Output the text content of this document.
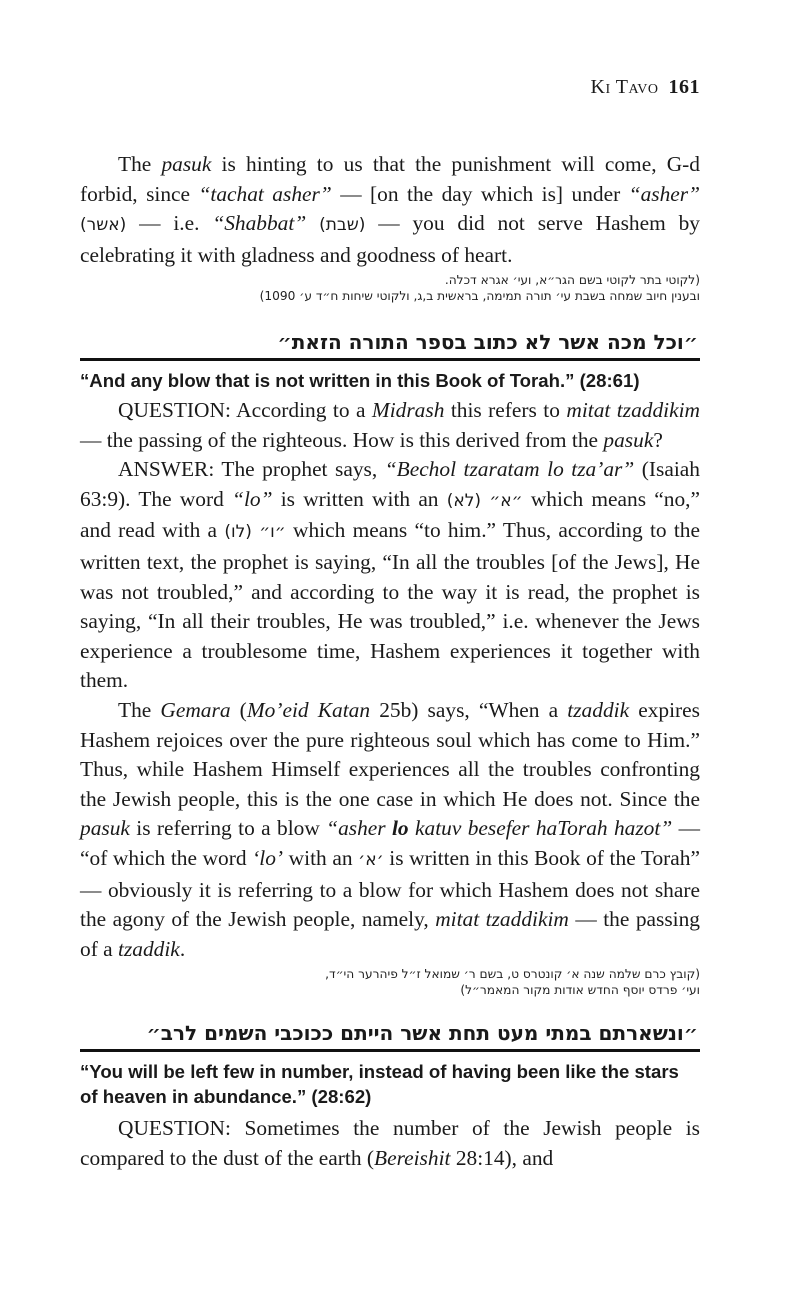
Ki Tavo 161

The pasuk is hinting to us that the punishment will come, G-d forbid, since “tachat asher” — [on the day which is] under “asher” (אשר) — i.e. “Shabbat” (שבת) — you did not serve Hashem by celebrating it with gladness and goodness of heart.

(לקוטי בתר לקוטי בשם הגר״א, ועי׳ אגרא דכלה.

ובענין חיוב שמחה בשבת עי׳ תורה תמימה, בראשית ב,ג, ולקוטי שיחות ח״ד ע׳ 1090)

״וכל מכה אשר לא כתוב בספר התורה הזאת״

“And any blow that is not written in this Book of Torah.” (28:61)

QUESTION: According to a Midrash this refers to mitat tzaddikim — the passing of the righteous. How is this derived from the pasuk?

ANSWER: The prophet says, “Bechol tzaratam lo tza’ar” (Isaiah 63:9). The word “lo” is written with an ״א״ (לא) which means “no,” and read with a ״ו״ (לו) which means “to him.” Thus, according to the written text, the prophet is saying, “In all the troubles [of the Jews], He was not troubled,” and according to the way it is read, the prophet is saying, “In all their troubles, He was troubled,” i.e. whenever the Jews experience a troublesome time, Hashem experiences it together with them.

The Gemara (Mo’eid Katan 25b) says, “When a tzaddik expires Hashem rejoices over the pure righteous soul which has come to Him.” Thus, while Hashem Himself experiences all the troubles confronting the Jewish people, this is the one case in which He does not. Since the pasuk is referring to a blow “asher lo katuv besefer haTorah hazot” — “of which the word ‘lo’ with an ׳א׳ is written in this Book of the Torah” — obviously it is referring to a blow for which Hashem does not share the agony of the Jewish people, namely, mitat tzaddikim — the passing of a tzaddik.

(קובץ כרם שלמה שנה א׳ קונטרס ט, בשם ר׳ שמואל ז״ל פיהרער הי״ד,

ועי׳ פרדס יוסף החדש אודות מקור המאמר״ל)

״ונשארתם במתי מעט תחת אשר הייתם ככוכבי השמים לרב״

“You will be left few in number, instead of having been like the stars of heaven in abundance.” (28:62)

QUESTION: Sometimes the number of the Jewish people is compared to the dust of the earth (Bereishit 28:14), and
